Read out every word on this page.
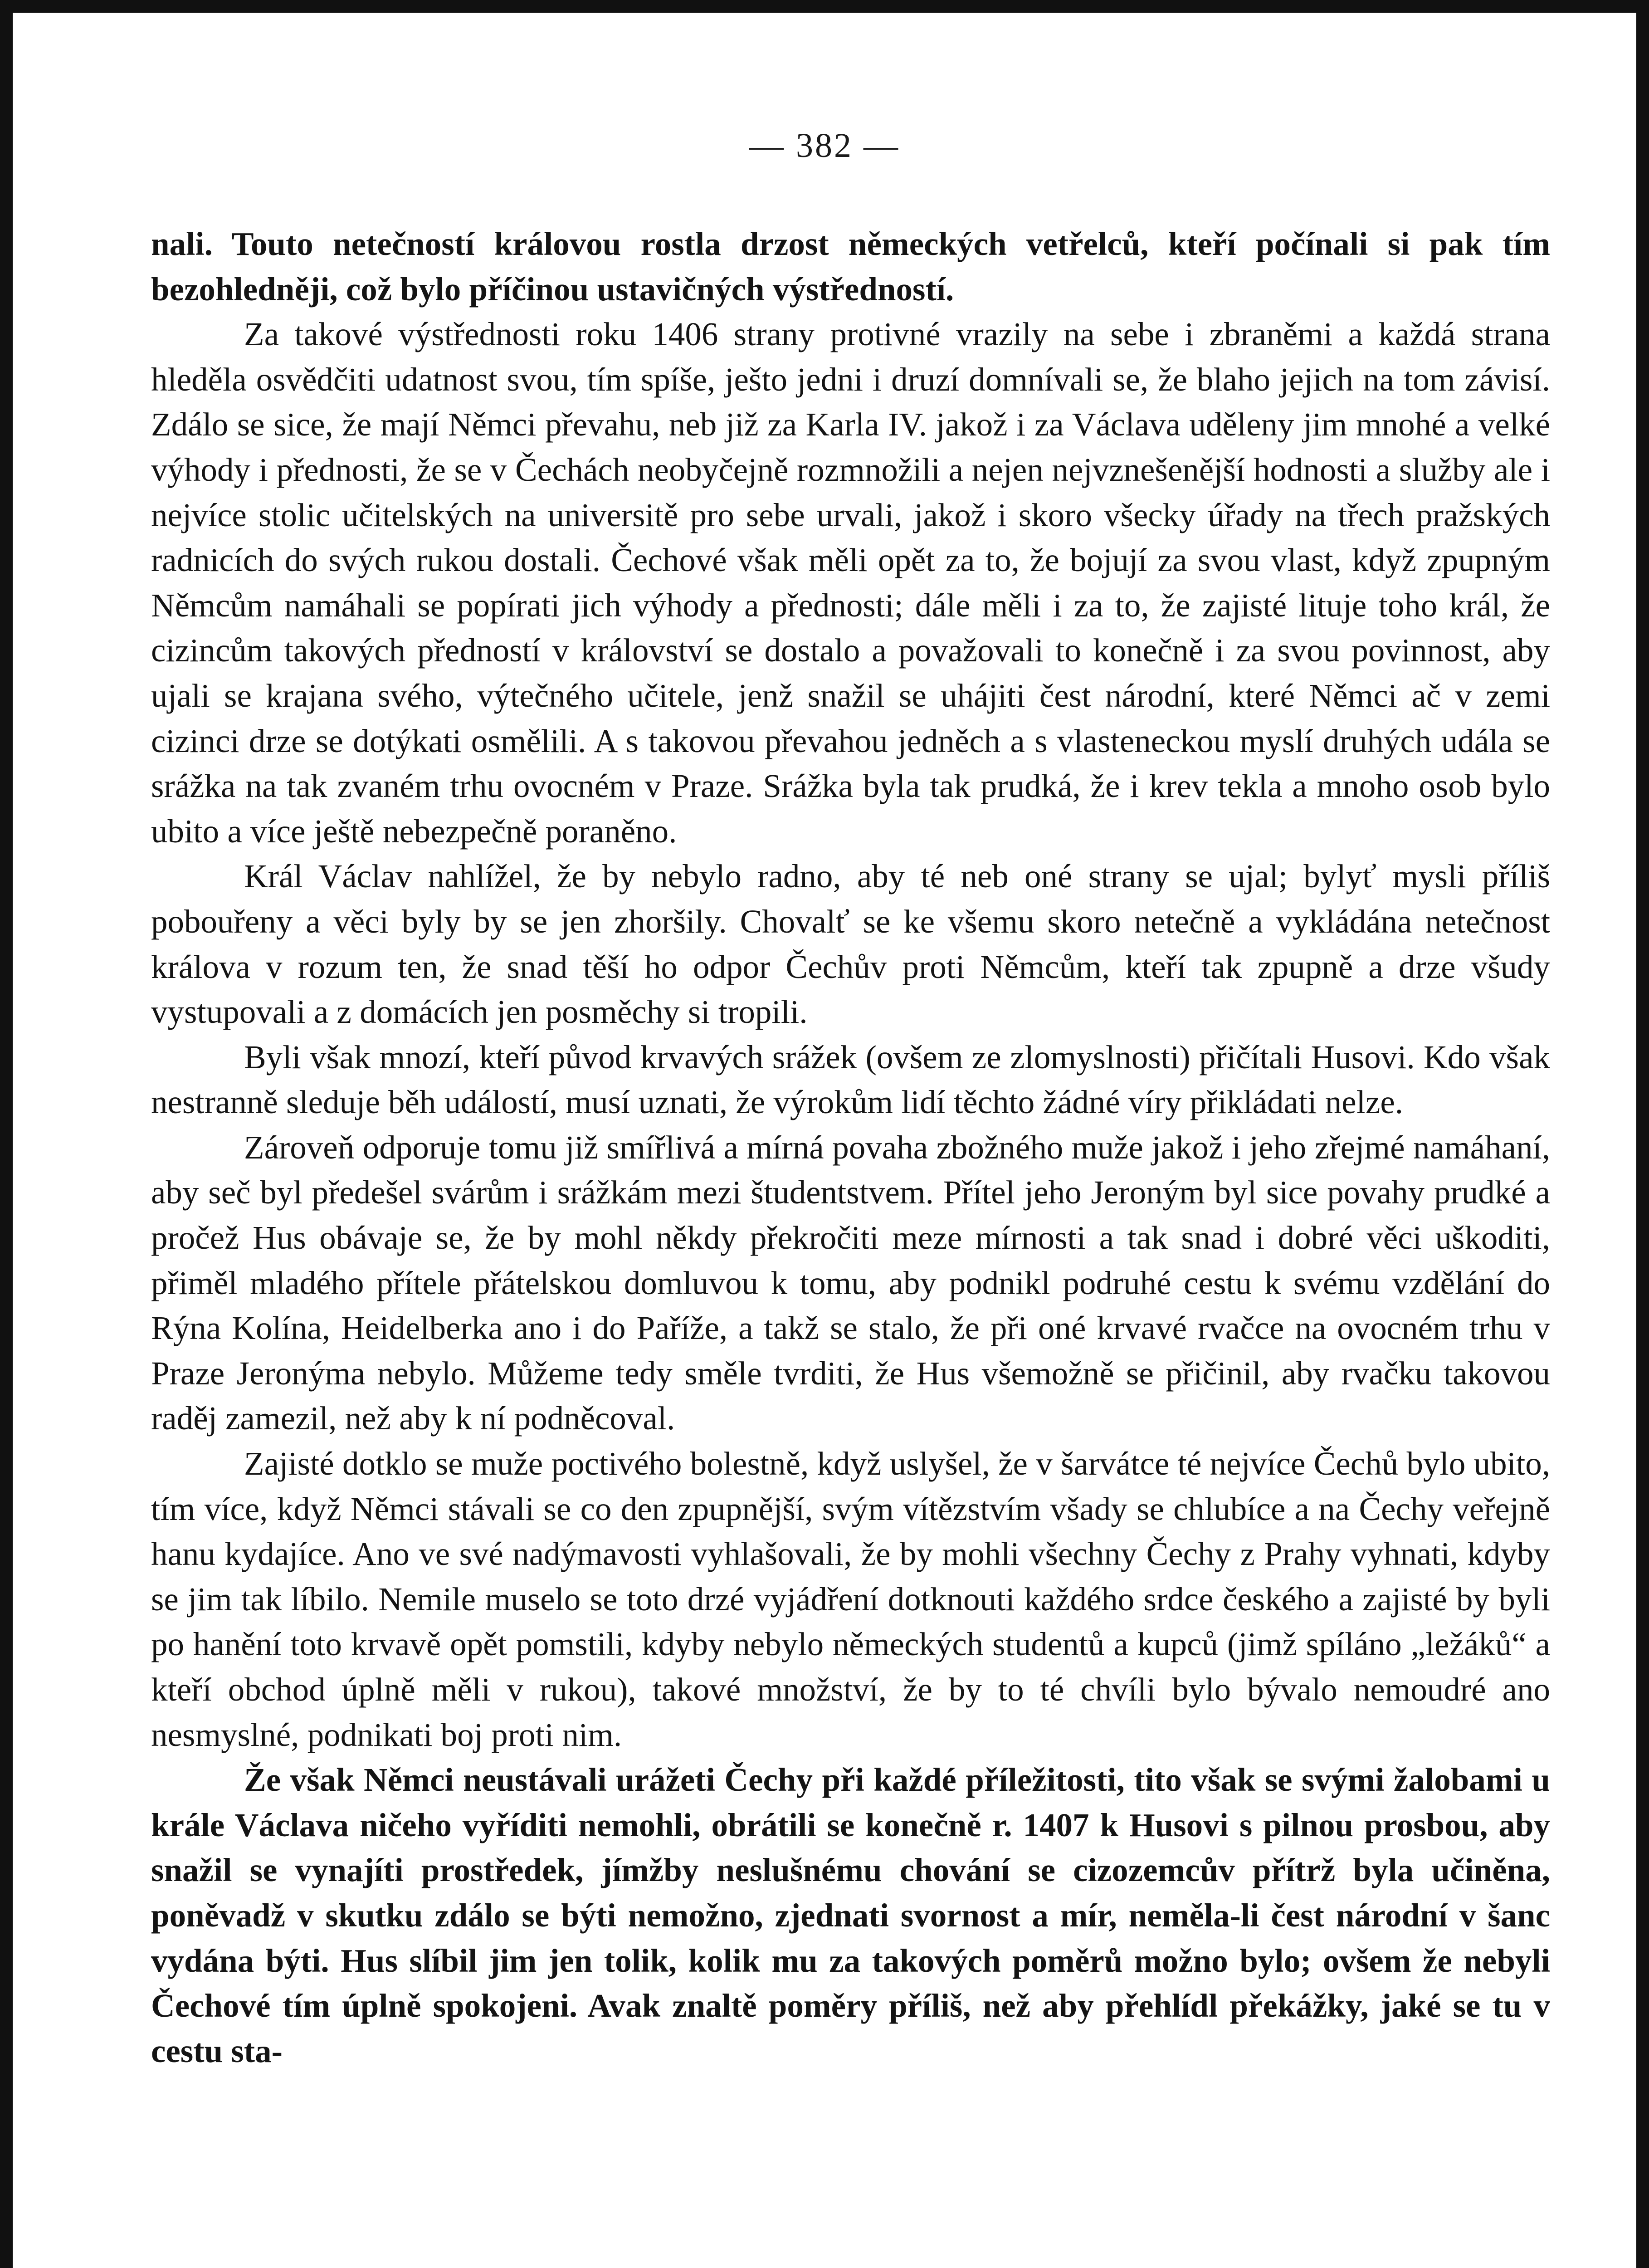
— 382 —

nali. Touto netečností královou rostla drzost německých vetřelců, kteří počínali si pak tím bezohledněji, což bylo příčinou ustavičných výstředností.

Za takové výstřednosti roku 1406 strany protivné vrazily na sebe i zbraněmi a každá strana hleděla osvědčiti udatnost svou, tím spíše, ješto jedni i druzí domnívali se, že blaho jejich na tom závisí. Zdálo se sice, že mají Němci převahu, neb již za Karla IV. jakož i za Václava uděleny jim mnohé a velké výhody i přednosti, že se v Čechách neobyčejně rozmnožili a nejen nejvznešenější hodnosti a služby ale i nejvíce stolic učitelských na universitě pro sebe urvali, jakož i skoro všecky úřady na třech pražských radnicích do svých rukou dostali. Čechové však měli opět za to, že bojují za svou vlast, když zpupným Němcům namáhali se popírati jich výhody a přednosti; dále měli i za to, že zajisté lituje toho král, že cizincům takových předností v království se dostalo a považovali to konečně i za svou povinnost, aby ujali se krajana svého, výtečného učitele, jenž snažil se uhájiti čest národní, které Němci ač v zemi cizinci drze se dotýkati osmělili. A s takovou převahou jedněch a s vlasteneckou myslí druhých udála se srážka na tak zvaném trhu ovocném v Praze. Srážka byla tak prudká, že i krev tekla a mnoho osob bylo ubito a více ještě nebezpečně poraněno.

Král Václav nahlížel, že by nebylo radno, aby té neb oné strany se ujal; bylyť mysli příliš pobouřeny a věci byly by se jen zhoršily. Chovalť se ke všemu skoro netečně a vykládána netečnost králova v rozum ten, že snad těší ho odpor Čechův proti Němcům, kteří tak zpupně a drze všudy vystupovali a z domácích jen posměchy si tropili.

Byli však mnozí, kteří původ krvavých srážek (ovšem ze zlomyslnosti) přičítali Husovi. Kdo však nestranně sleduje běh událostí, musí uznati, že výrokům lidí těchto žádné víry přikládati nelze.

Zároveň odporuje tomu již smířlivá a mírná povaha zbožného muže jakož i jeho zřejmé namáhaní, aby seč byl předešel svárům i srážkám mezi študentstvem. Přítel jeho Jeroným byl sice povahy prudké a pročež Hus obávaje se, že by mohl někdy překročiti meze mírnosti a tak snad i dobré věci uškoditi, přiměl mladého přítele přátelskou domluvou k tomu, aby podnikl podruhé cestu k svému vzdělání do Rýna Kolína, Heidelberka ano i do Paříže, a takž se stalo, že při oné krvavé rvačce na ovocném trhu v Praze Jeronýma nebylo. Můžeme tedy směle tvrditi, že Hus všemožně se přičinil, aby rvačku takovou raděj zamezil, než aby k ní podněcoval.

Zajisté dotklo se muže poctivého bolestně, když uslyšel, že v šarvátce té nejvíce Čechů bylo ubito, tím více, když Němci stávali se co den zpupnější, svým vítězstvím všady se chlubíce a na Čechy veřejně hanu kydajíce. Ano ve své nadýmavosti vyhlašovali, že by mohli všechny Čechy z Prahy vyhnati, kdyby se jim tak líbilo. Nemile muselo se toto drzé vyjádření dotknouti každého srdce českého a zajisté by byli po hanění toto krvavě opět pomstili, kdyby nebylo německých studentů a kupců (jimž spíláno „ležáků“ a kteří obchod úplně měli v rukou), takové množství, že by to té chvíli bylo bývalo nemoudré ano nesmyslné, podnikati boj proti nim.

Že však Němci neustávali urážeti Čechy při každé příležitosti, tito však se svými žalobami u krále Václava ničeho vyříditi nemohli, obrátili se konečně r. 1407 k Husovi s pilnou prosbou, aby snažil se vynajíti prostředek, jímžby neslušnému chování se cizozemcův přítrž byla učiněna, poněvadž v skutku zdálo se býti nemožno, zjednati svornost a mír, neměla-li čest národní v šanc vydána býti. Hus slíbil jim jen tolik, kolik mu za takových poměrů možno bylo; ovšem že nebyli Čechové tím úplně spokojeni. Avak znaltě poměry příliš, než aby přehlídl překážky, jaké se tu v cestu sta-
